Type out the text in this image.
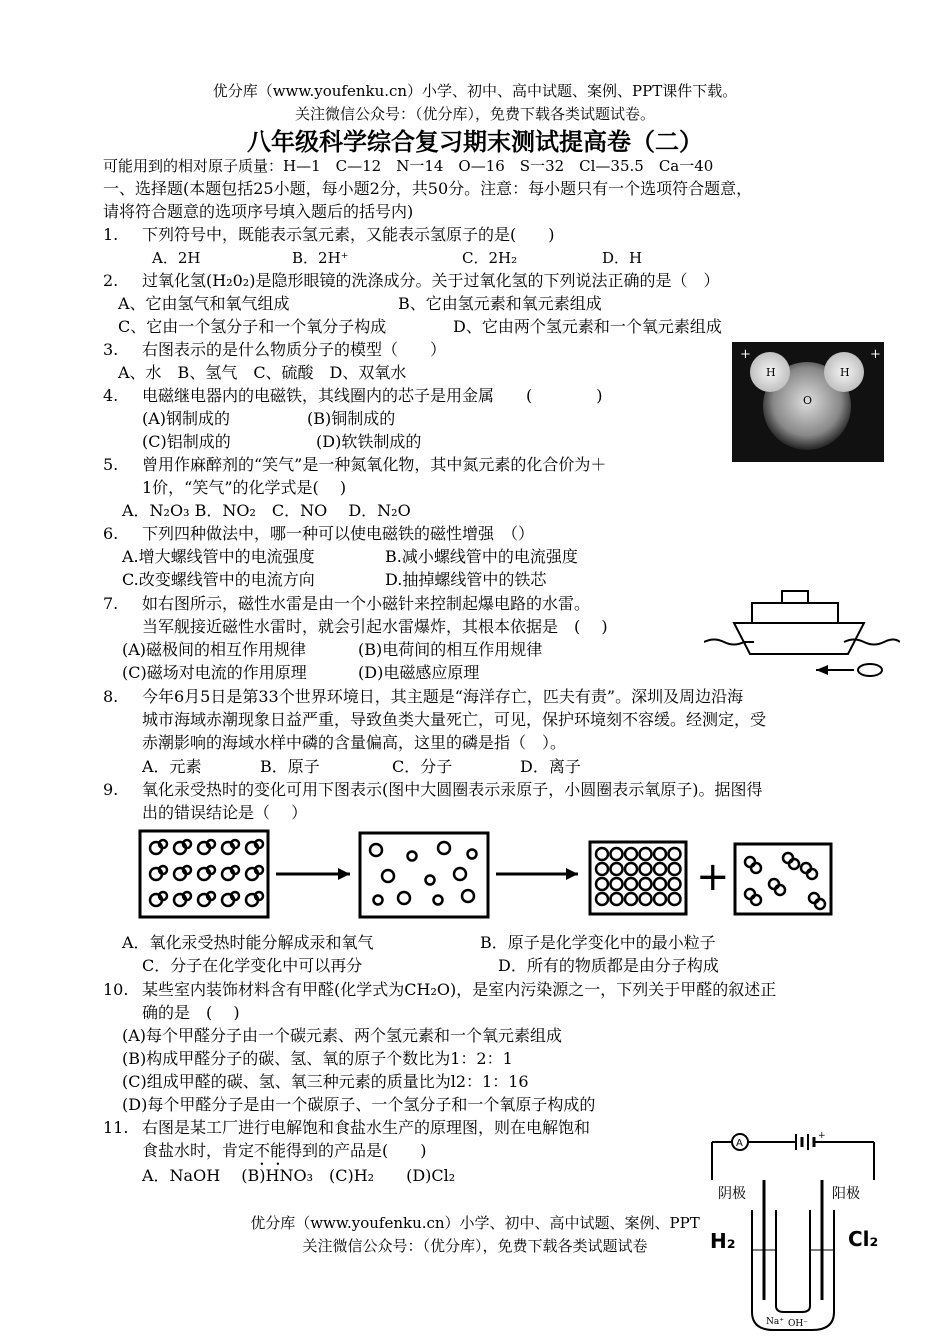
优分库（www.youfenku.cn）小学、初中、高中试题、案例、PPT课件下载。
关注微信公众号：（优分库），免费下载各类试题试卷。
八年级科学综合复习期末测试提高卷（二）
可能用到的相对原子质量：H—1　C—12　N一14　O—16　S一32　Cl—35.5　Ca一40
一、选择题(本题包括25小题，每小题2分，共50分。注意：每小题只有一个选项符合题意，
请将符合题意的选项序号填入题后的括号内)
1. 下列符号中，既能表示氢元素，又能表示氢原子的是(　　)
A．2H	B．2H⁺	C．2H₂	D．H
2. 过氧化氢(H₂0₂)是隐形眼镜的洗涤成分。关于过氧化氢的下列说法正确的是（　）
A、它由氢气和氧气组成	B、它由氢元素和氧元素组成
C、它由一个氢分子和一个氧分子构成	D、它由两个氢元素和一个氧元素组成
3. 右图表示的是什么物质分子的模型（　　）
A、水　B、氢气　C、硫酸　D、双氧水
+	+
H	H
O
4. 电磁继电器内的电磁铁，其线圈内的芯子是用金属　　(　　　　)
(A)钢制成的	(B)铜制成的
(C)铝制成的	(D)软铁制成的
5. 曾用作麻醉剂的“笑气”是一种氮氧化物，其中氮元素的化合价为＋
1价，“笑气”的化学式是(　 )
A．N₂O₃ B．NO₂　C．NO　 D．N₂O
6. 下列四种做法中，哪一种可以使电磁铁的磁性增强　（）
A.增大螺线管中的电流强度	B.减小螺线管中的电流强度
C.改变螺线管中的电流方向	D.抽掉螺线管中的铁芯
7. 如右图所示，磁性水雷是由一个小磁针来控制起爆电路的水雷。
当军舰接近磁性水雷时，就会引起水雷爆炸，其根本依据是　(　 )
(A)磁极间的相互作用规律	(B)电荷间的相互作用规律
(C)磁场对电流的作用原理	(D)电磁感应原理
8. 今年6月5日是第33个世界环境日，其主题是“海洋存亡，匹夫有责”。深圳及周边沿海
城市海域赤潮现象日益严重，导致鱼类大量死亡，可见，保护环境刻不容缓。经测定，受
赤潮影响的海域水样中磷的含量偏高，这里的磷是指（　）。
A．元素	B．原子	C．分子	D．离子
9. 氧化汞受热时的变化可用下图表示(图中大圆圈表示汞原子，小圆圈表示氧原子)。据图得
出的错误结论是（　 ）
+
A．氧化汞受热时能分解成汞和氧气	B．原子是化学变化中的最小粒子
C．分子在化学变化中可以再分	D．所有的物质都是由分子构成
10. 某些室内装饰材料含有甲醛(化学式为CH₂O)，是室内污染源之一，下列关于甲醛的叙述正
确的是　(　 )
(A)每个甲醛分子由一个碳元素、两个氢元素和一个氧元素组成
(B)构成甲醛分子的碳、氢、氧的原子个数比为1：2：1
(C)组成甲醛的碳、氢、氧三种元素的质量比为l2：1：16
(D)每个甲醛分子是由一个碳原子、一个氢分子和一个氧原子构成的
11. 右图是某工厂进行电解饱和食盐水生产的原理图，则在电解饱和
食盐水时，肯定不能得到的产品是(　　)
A．NaOH　 (B)HNO₃　(C)H₂　　(D)Cl₂
A
+
阴极	阳极
H₂	Cl₂
Na⁺ OH⁻
优分库（www.youfenku.cn）小学、初中、高中试题、案例、PPT
关注微信公众号：（优分库），免费下载各类试题试卷
